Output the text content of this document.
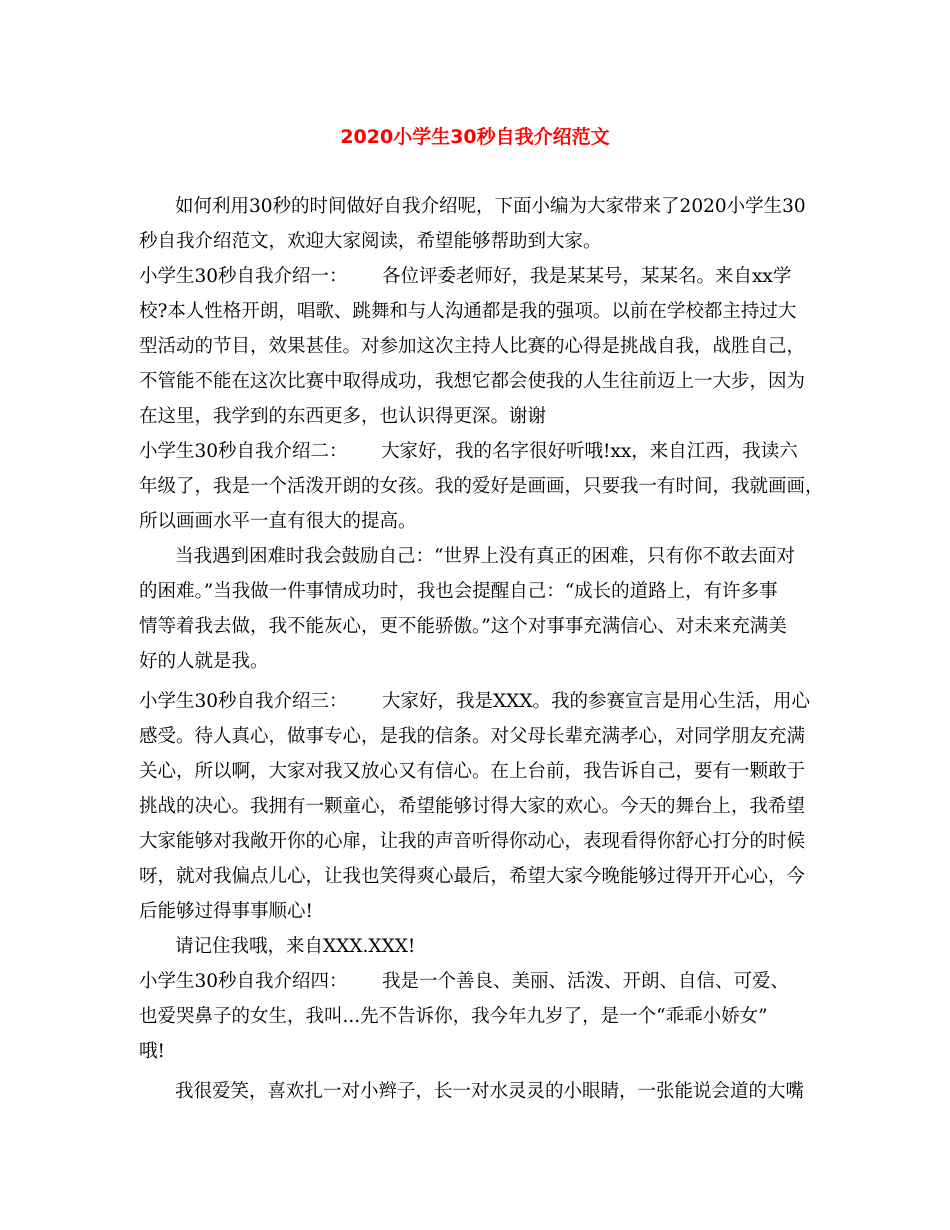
2020小学生30秒自我介绍范文
如何利用30秒的时间做好自我介绍呢，下面小编为大家带来了2020小学生30
秒自我介绍范文，欢迎大家阅读，希望能够帮助到大家。
小学生30秒自我介绍一： 各位评委老师好，我是某某号，某某名。来自xx学
校?本人性格开朗，唱歌、跳舞和与人沟通都是我的强项。以前在学校都主持过大
型活动的节目，效果甚佳。对参加这次主持人比赛的心得是挑战自我，战胜自己，
不管能不能在这次比赛中取得成功，我想它都会使我的人生往前迈上一大步，因为
在这里，我学到的东西更多，也认识得更深。谢谢
小学生30秒自我介绍二： 大家好，我的名字很好听哦!xx，来自江西，我读六
年级了，我是一个活泼开朗的女孩。我的爱好是画画，只要我一有时间，我就画画，
所以画画水平一直有很大的提高。
当我遇到困难时我会鼓励自己：“世界上没有真正的困难，只有你不敢去面对
的困难。”当我做一件事情成功时，我也会提醒自己：“成长的道路上，有许多事
情等着我去做，我不能灰心，更不能骄傲。”这个对事事充满信心、对未来充满美
好的人就是我。
小学生30秒自我介绍三： 大家好，我是XXX。我的参赛宣言是用心生活，用心
感受。待人真心，做事专心，是我的信条。对父母长辈充满孝心，对同学朋友充满
关心，所以啊，大家对我又放心又有信心。在上台前，我告诉自己，要有一颗敢于
挑战的决心。我拥有一颗童心，希望能够讨得大家的欢心。今天的舞台上，我希望
大家能够对我敞开你的心扉，让我的声音听得你动心，表现看得你舒心打分的时候
呀，就对我偏点儿心，让我也笑得爽心最后，希望大家今晚能够过得开开心心，今
后能够过得事事顺心!
请记住我哦，来自XXX.XXX!
小学生30秒自我介绍四： 我是一个善良、美丽、活泼、开朗、自信、可爱、
也爱哭鼻子的女生，我叫...先不告诉你，我今年九岁了，是一个“乖乖小娇女”
哦!
我很爱笑，喜欢扎一对小辫子，长一对水灵灵的小眼睛，一张能说会道的大嘴
